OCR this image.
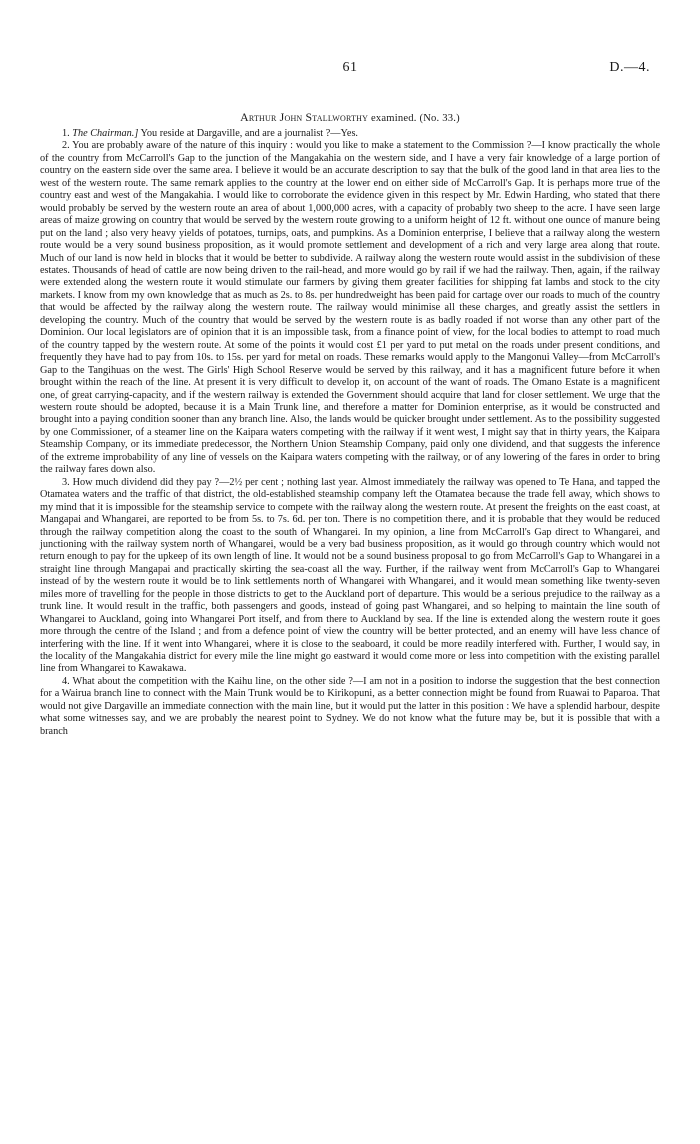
61	D.—4.
Arthur John Stallworthy examined. (No. 33.)

1. The Chairman.] You reside at Dargaville, and are a journalist ?—Yes.

2. You are probably aware of the nature of this inquiry : would you like to make a statement to the Commission ?—I know practically the whole of the country from McCarroll's Gap to the junction of the Mangakahia on the western side, and I have a very fair knowledge of a large portion of country on the eastern side over the same area. I believe it would be an accurate description to say that the bulk of the good land in that area lies to the west of the western route. The same remark applies to the country at the lower end on either side of McCarroll's Gap. It is perhaps more true of the country east and west of the Mangakahia. I would like to corroborate the evidence given in this respect by Mr. Edwin Harding, who stated that there would probably be served by the western route an area of about 1,000,000 acres, with a capacity of probably two sheep to the acre. I have seen large areas of maize growing on country that would be served by the western route growing to a uniform height of 12 ft. without one ounce of manure being put on the land ; also very heavy yields of potatoes, turnips, oats, and pumpkins. As a Dominion enterprise, I believe that a railway along the western route would be a very sound business proposition, as it would promote settlement and development of a rich and very large area along that route. Much of our land is now held in blocks that it would be better to subdivide. A railway along the western route would assist in the subdivision of these estates. Thousands of head of cattle are now being driven to the rail-head, and more would go by rail if we had the railway. Then, again, if the railway were extended along the western route it would stimulate our farmers by giving them greater facilities for shipping fat lambs and stock to the city markets. I know from my own knowledge that as much as 2s. to 8s. per hundredweight has been paid for cartage over our roads to much of the country that would be affected by the railway along the western route. The railway would minimise all these charges, and greatly assist the settlers in developing the country. Much of the country that would be served by the western route is as badly roaded if not worse than any other part of the Dominion. Our local legislators are of opinion that it is an impossible task, from a finance point of view, for the local bodies to attempt to road much of the country tapped by the western route. At some of the points it would cost £1 per yard to put metal on the roads under present conditions, and frequently they have had to pay from 10s. to 15s. per yard for metal on roads. These remarks would apply to the Mangonui Valley—from McCarroll's Gap to the Tangihuas on the west. The Girls' High School Reserve would be served by this railway, and it has a magnificent future before it when brought within the reach of the line. At present it is very difficult to develop it, on account of the want of roads. The Omano Estate is a magnificent one, of great carrying-capacity, and if the western railway is extended the Government should acquire that land for closer settlement. We urge that the western route should be adopted, because it is a Main Trunk line, and therefore a matter for Dominion enterprise, as it would be constructed and brought into a paying condition sooner than any branch line. Also, the lands would be quicker brought under settlement. As to the possibility suggested by one Commissioner, of a steamer line on the Kaipara waters competing with the railway if it went west, I might say that in thirty years, the Kaipara Steamship Company, or its immediate predecessor, the Northern Union Steamship Company, paid only one dividend, and that suggests the inference of the extreme improbability of any line of vessels on the Kaipara waters competing with the railway, or of any lowering of the fares in order to bring the railway fares down also.

3. How much dividend did they pay ?—2½ per cent ; nothing last year. Almost immediately the railway was opened to Te Hana, and tapped the Otamatea waters and the traffic of that district, the old-established steamship company left the Otamatea because the trade fell away, which shows to my mind that it is impossible for the steamship service to compete with the railway along the western route. At present the freights on the east coast, at Mangapai and Whangarei, are reported to be from 5s. to 7s. 6d. per ton. There is no competition there, and it is probable that they would be reduced through the railway competition along the coast to the south of Whangarei. In my opinion, a line from McCarroll's Gap direct to Whangarei, and junctioning with the railway system north of Whangarei, would be a very bad business proposition, as it would go through country which would not return enough to pay for the upkeep of its own length of line. It would not be a sound business proposal to go from McCarroll's Gap to Whangarei in a straight line through Mangapai and practically skirting the sea-coast all the way. Further, if the railway went from McCarroll's Gap to Whangarei instead of by the western route it would be to link settlements north of Whangarei with Whangarei, and it would mean something like twenty-seven miles more of travelling for the people in those districts to get to the Auckland port of departure. This would be a serious prejudice to the railway as a trunk line. It would result in the traffic, both passengers and goods, instead of going past Whangarei, and so helping to maintain the line south of Whangarei to Auckland, going into Whangarei Port itself, and from there to Auckland by sea. If the line is extended along the western route it goes more through the centre of the Island ; and from a defence point of view the country will be better protected, and an enemy will have less chance of interfering with the line. If it went into Whangarei, where it is close to the seaboard, it could be more readily interfered with. Further, I would say, in the locality of the Mangakahia district for every mile the line might go eastward it would come more or less into competition with the existing parallel line from Whangarei to Kawakawa.

4. What about the competition with the Kaihu line, on the other side ?—I am not in a position to indorse the suggestion that the best connection for a Wairua branch line to connect with the Main Trunk would be to Kirikopuni, as a better connection might be found from Ruawai to Paparoa. That would not give Dargaville an immediate connection with the main line, but it would put the latter in this position : We have a splendid harbour, despite what some witnesses say, and we are probably the nearest point to Sydney. We do not know what the future may be, but it is possible that with a branch
